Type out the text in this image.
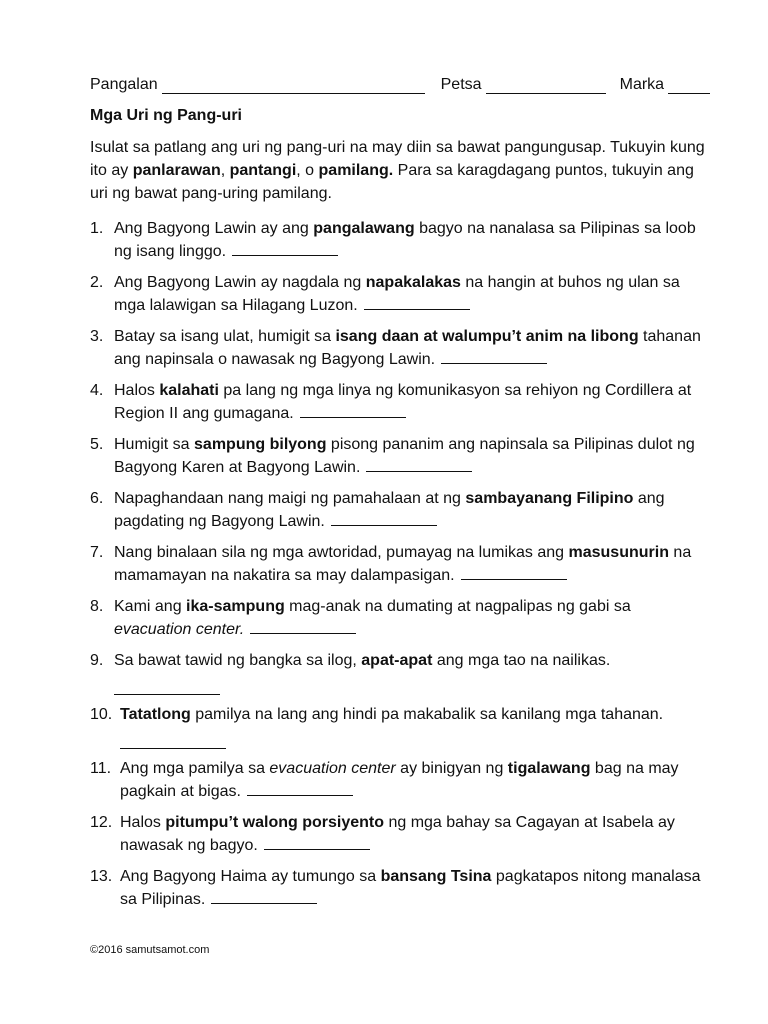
Pangalan	Petsa	Marka
Mga Uri ng Pang-uri
Isulat sa patlang ang uri ng pang-uri na may diin sa bawat pangungusap. Tukuyin kung ito ay panlarawan, pantangi, o pamilang. Para sa karagdagang puntos, tukuyin ang uri ng bawat pang-uring pamilang.
1. Ang Bagyong Lawin ay ang pangalawang bagyo na nanalasa sa Pilipinas sa loob ng isang linggo.
2. Ang Bagyong Lawin ay nagdala ng napakalakas na hangin at buhos ng ulan sa mga lalawigan sa Hilagang Luzon.
3. Batay sa isang ulat, humigit sa isang daan at walumpu’t anim na libong tahanan ang napinsala o nawasak ng Bagyong Lawin.
4. Halos kalahati pa lang ng mga linya ng komunikasyon sa rehiyon ng Cordillera at Region II ang gumagana.
5. Humigit sa sampung bilyong pisong pananim ang napinsala sa Pilipinas dulot ng Bagyong Karen at Bagyong Lawin.
6. Napaghandaan nang maigi ng pamahalaan at ng sambayanang Filipino ang pagdating ng Bagyong Lawin.
7. Nang binalaan sila ng mga awtoridad, pumayag na lumikas ang masusunurin na mamamayan na nakatira sa may dalampasigan.
8. Kami ang ika-sampung mag-anak na dumating at nagpalipas ng gabi sa evacuation center.
9. Sa bawat tawid ng bangka sa ilog, apat-apat ang mga tao na nailikas.
10. Tatatlong pamilya na lang ang hindi pa makabalik sa kanilang mga tahanan.
11. Ang mga pamilya sa evacuation center ay binigyan ng tigalawang bag na may pagkain at bigas.
12. Halos pitumpu’t walong porsiyento ng mga bahay sa Cagayan at Isabela ay nawasak ng bagyo.
13. Ang Bagyong Haima ay tumungo sa bansang Tsina pagkatapos nitong manalasa sa Pilipinas.
©2016 samutsamot.com
